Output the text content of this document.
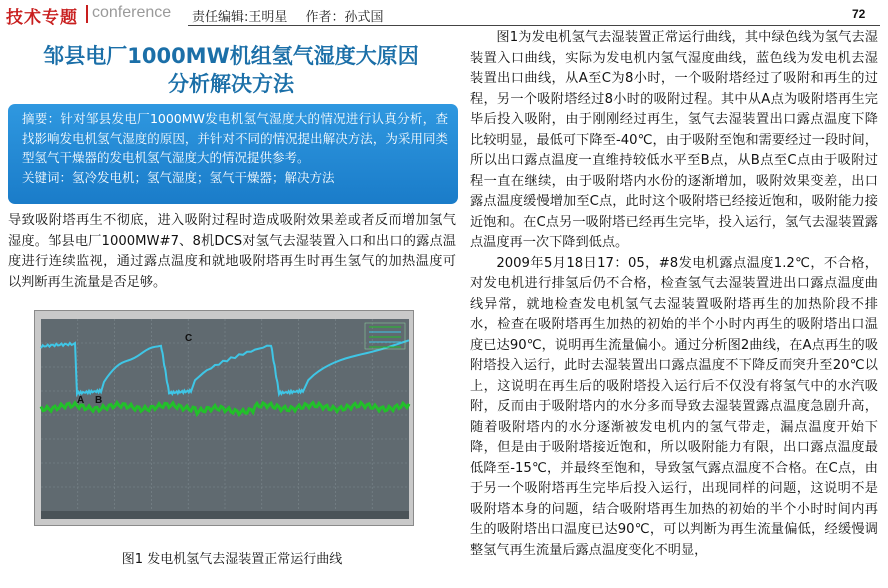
技术专题 conference 责任编辑:王明星 作者：孙式国	72
邹县电厂1000MW机组氢气湿度大原因
分析解决方法

摘要：针对邹县发电厂1000MW发电机氢气湿度大的情况进行认真分析，查找影响发电机氢气湿度的原因，并针对不同的情况提出解决方法，为采用同类型氢气干燥器的发电机氢气湿度大的情况提供参考。

关键词：氢冷发电机；氢气湿度；氢气干燥器；解决方法

导致吸附塔再生不彻底，进入吸附过程时造成吸附效果差或者反而增加氢气湿度。邹县电厂1000MW#7、8机DCS对氢气去湿装置入口和出口的露点温度进行连续监视，通过露点温度和就地吸附塔再生时再生氢气的加热温度可以判断再生流量是否足够。

A B
C
图1 发电机氢气去湿装置正常运行曲线

图1为发电机氢气去湿装置正常运行曲线，其中绿色线为氢气去湿装置入口曲线，实际为发电机内氢气湿度曲线，蓝色线为发电机去湿装置出口曲线，从A至C为8小时，一个吸附塔经过了吸附和再生的过程，另一个吸附塔经过8小时的吸附过程。其中从A点为吸附塔再生完毕后投入吸附，由于刚刚经过再生，氢气去湿装置出口露点温度下降比较明显，最低可下降至-40℃，由于吸附至饱和需要经过一段时间，所以出口露点温度一直维持较低水平至B点，从B点至C点由于吸附过程一直在继续，由于吸附塔内水份的逐渐增加，吸附效果变差，出口露点温度缓慢增加至C点，此时这个吸附塔已经接近饱和，吸附能力接近饱和。在C点另一吸附塔已经再生完毕，投入运行，氢气去湿装置露点温度再一次下降到低点。

2009年5月18日17：05，#8发电机露点温度1.2℃，不合格，对发电机进行排氢后仍不合格，检查氢气去湿装置进出口露点温度曲线异常，就地检查发电机氢气去湿装置吸附塔再生的加热阶段不排水，检查在吸附塔再生加热的初始的半个小时内再生的吸附塔出口温度已达90℃，说明再生流量偏小。通过分析图2曲线，在A点再生的吸附塔投入运行，此时去湿装置出口露点温度不下降反而突升至20℃以上，这说明在再生后的吸附塔投入运行后不仅没有将氢气中的水汽吸附，反而由于吸附塔内的水分多而导致去湿装置露点温度急剧升高，随着吸附塔内的水分逐渐被发电机内的氢气带走，漏点温度开始下降，但是由于吸附塔接近饱和，所以吸附能力有限，出口露点温度最低降至-15℃，并最终至饱和，导致氢气露点温度不合格。在C点，由于另一个吸附塔再生完毕后投入运行，出现同样的问题，这说明不是吸附塔本身的问题，结合吸附塔再生加热的初始的半个小时时间内再生的吸附塔出口温度已达90℃，可以判断为再生流量偏低，经缓慢调整氢气再生流量后露点温度变化不明显，
